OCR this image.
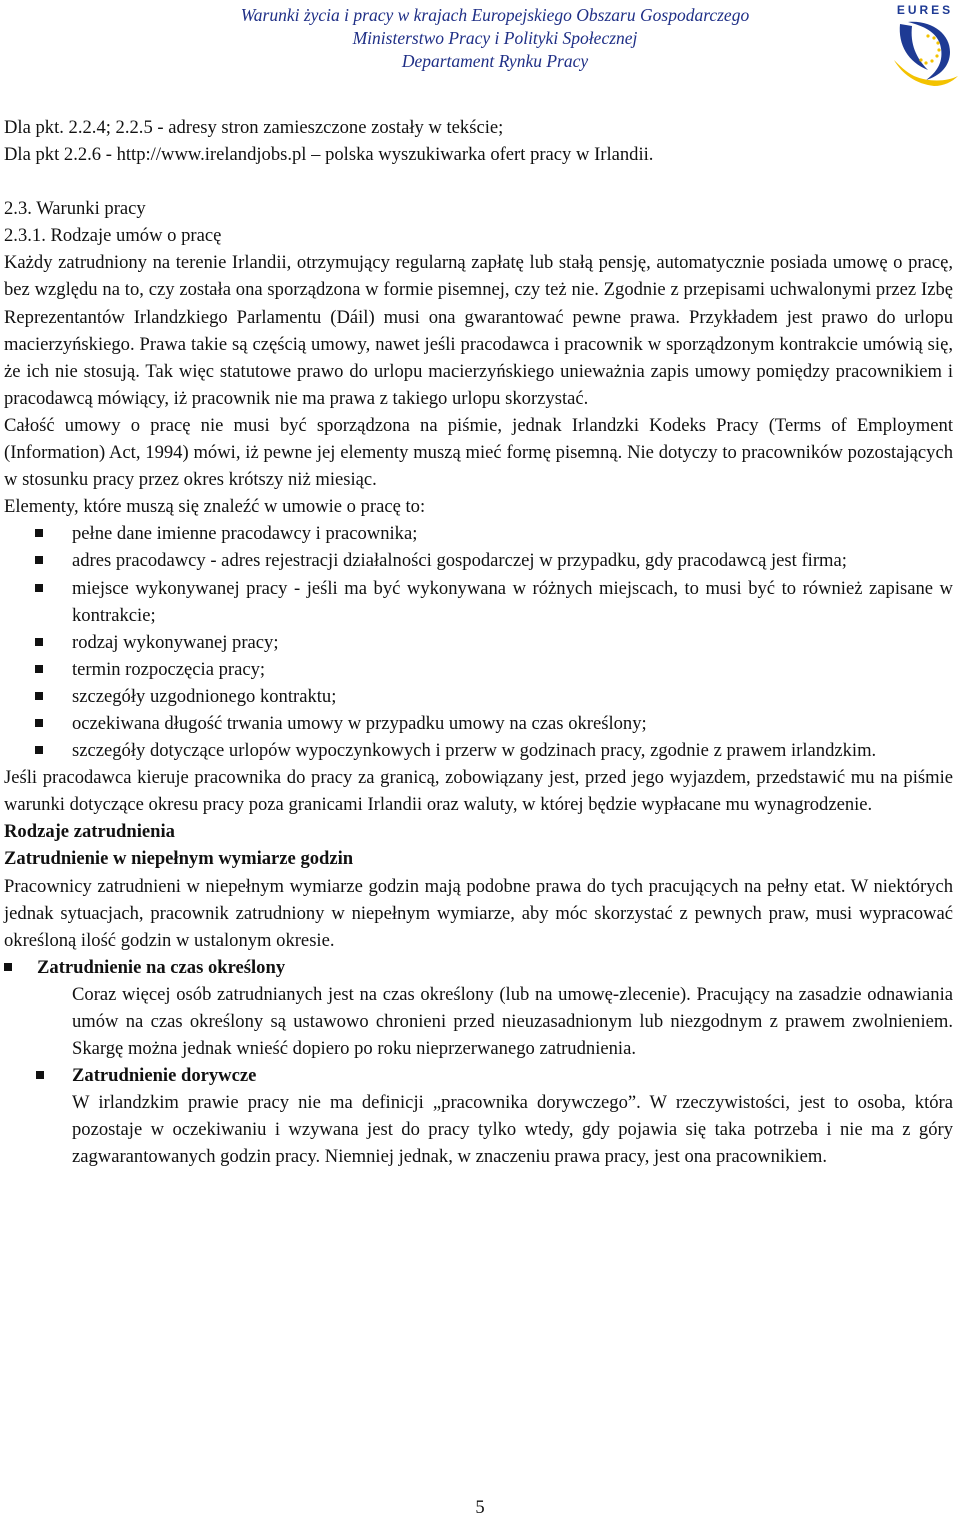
Warunki życia i pracy w krajach Europejskiego Obszaru Gospodarczego
Ministerstwo Pracy i Polityki Społecznej
Departament Rynku Pracy
EURES

Dla pkt. 2.2.4; 2.2.5 - adresy stron zamieszczone zostały w tekście;

Dla pkt 2.2.6 - http://www.irelandjobs.pl – polska wyszukiwarka ofert pracy w Irlandii.

2.3. Warunki pracy

2.3.1. Rodzaje umów o pracę

Każdy zatrudniony na terenie Irlandii, otrzymujący regularną zapłatę lub stałą pensję, automatycznie posiada umowę o pracę, bez względu na to, czy została ona sporządzona w formie pisemnej, czy też nie. Zgodnie z przepisami uchwalonymi przez Izbę Reprezentantów Irlandzkiego Parlamentu (Dáil) musi ona gwarantować pewne prawa. Przykładem jest prawo do urlopu macierzyńskiego. Prawa takie są częścią umowy, nawet jeśli pracodawca i pracownik w sporządzonym kontrakcie umówią się, że ich nie stosują. Tak więc statutowe prawo do urlopu macierzyńskiego unieważnia zapis umowy pomiędzy pracownikiem i pracodawcą mówiący, iż pracownik nie ma prawa z takiego urlopu skorzystać.

Całość umowy o pracę nie musi być sporządzona na piśmie, jednak Irlandzki Kodeks Pracy (Terms of Employment (Information) Act, 1994) mówi, iż pewne jej elementy muszą mieć formę pisemną. Nie dotyczy to pracowników pozostających w stosunku pracy przez okres krótszy niż miesiąc.

Elementy, które muszą się znaleźć w umowie o pracę to:

pełne dane imienne pracodawcy i pracownika;
adres pracodawcy - adres rejestracji działalności gospodarczej w przypadku, gdy pracodawcą jest firma;
miejsce wykonywanej pracy - jeśli ma być wykonywana w różnych miejscach, to musi być to również zapisane w kontrakcie;
rodzaj wykonywanej pracy;
termin rozpoczęcia pracy;
szczegóły uzgodnionego kontraktu;
oczekiwana długość trwania umowy w przypadku umowy na czas określony;
szczegóły dotyczące urlopów wypoczynkowych i przerw w godzinach pracy, zgodnie z prawem irlandzkim.

Jeśli pracodawca kieruje pracownika do pracy za granicą, zobowiązany jest, przed jego wyjazdem, przedstawić mu na piśmie warunki dotyczące okresu pracy poza granicami Irlandii oraz waluty, w której będzie wypłacane mu wynagrodzenie.

Rodzaje zatrudnienia

Zatrudnienie w niepełnym wymiarze godzin

Pracownicy zatrudnieni w niepełnym wymiarze godzin mają podobne prawa do tych pracujących na pełny etat. W niektórych jednak sytuacjach, pracownik zatrudniony w niepełnym wymiarze, aby móc skorzystać z pewnych praw, musi wypracować określoną ilość godzin w ustalonym okresie.

Zatrudnienie na czas określony

Coraz więcej osób zatrudnianych jest na czas określony (lub na umowę-zlecenie). Pracujący na zasadzie odnawiania umów na czas określony są ustawowo chronieni przed nieuzasadnionym lub niezgodnym z prawem zwolnieniem. Skargę można jednak wnieść dopiero po roku nieprzerwanego zatrudnienia.

Zatrudnienie dorywcze

W irlandzkim prawie pracy nie ma definicji „pracownika dorywczego”. W rzeczywistości, jest to osoba, która pozostaje w oczekiwaniu i wzywana jest do pracy tylko wtedy, gdy pojawia się taka potrzeba i nie ma z góry zagwarantowanych godzin pracy. Niemniej jednak, w znaczeniu prawa pracy, jest ona pracownikiem.

5
